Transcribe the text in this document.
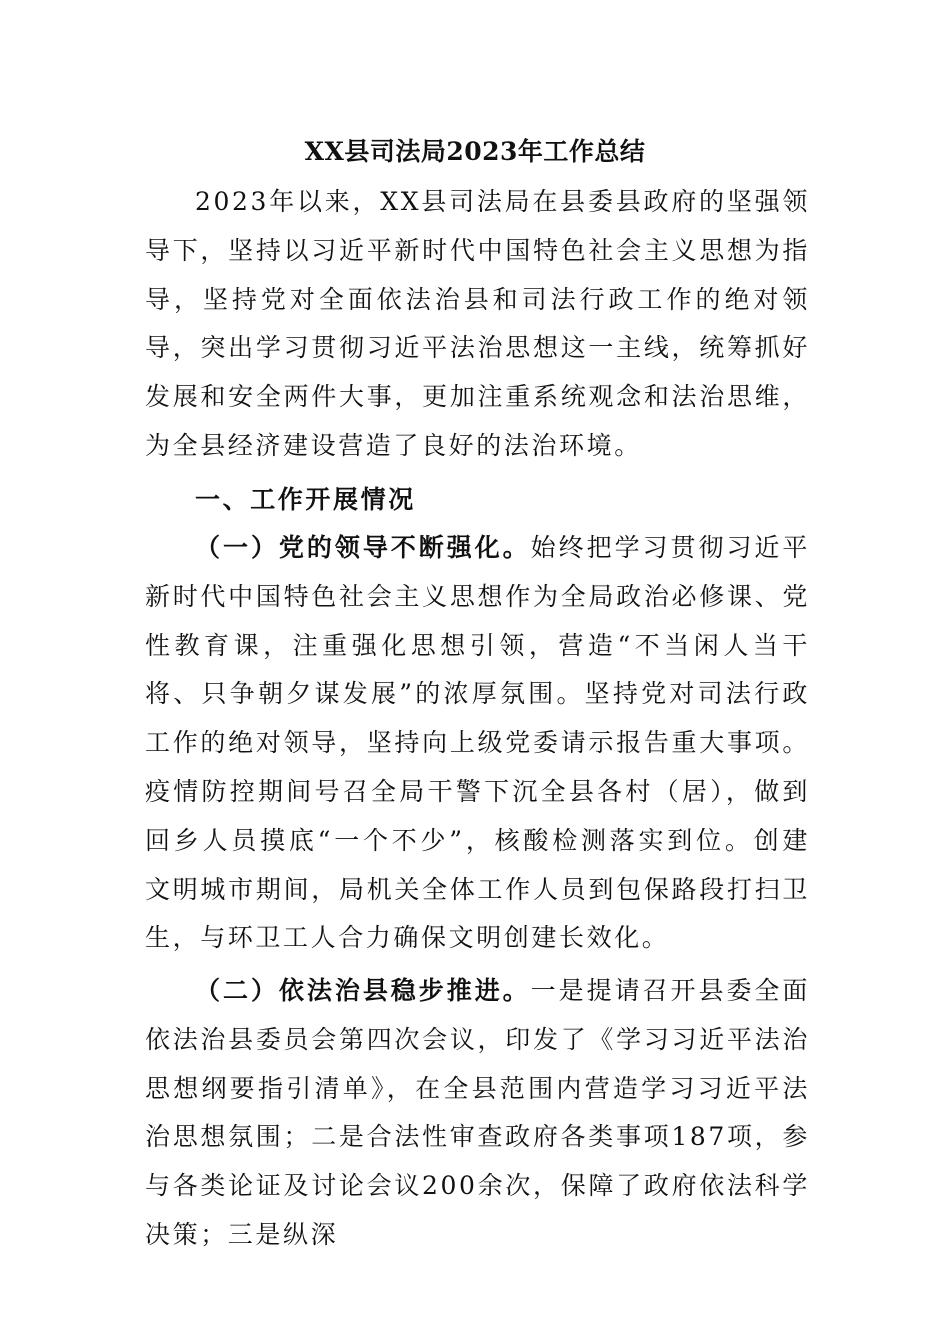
XX县司法局2023年工作总结
2023年以来，XX县司法局在县委县政府的坚强领导下，坚持以习近平新时代中国特色社会主义思想为指导，坚持党对全面依法治县和司法行政工作的绝对领导，突出学习贯彻习近平法治思想这一主线，统筹抓好发展和安全两件大事，更加注重系统观念和法治思维，为全县经济建设营造了良好的法治环境。
一、工作开展情况
（一）党的领导不断强化。始终把学习贯彻习近平新时代中国特色社会主义思想作为全局政治必修课、党性教育课，注重强化思想引领，营造“不当闲人当干将、只争朝夕谋发展”的浓厚氛围。坚持党对司法行政工作的绝对领导，坚持向上级党委请示报告重大事项。疫情防控期间号召全局干警下沉全县各村（居），做到回乡人员摸底“一个不少”，核酸检测落实到位。创建文明城市期间，局机关全体工作人员到包保路段打扫卫生，与环卫工人合力确保文明创建长效化。
（二）依法治县稳步推进。一是提请召开县委全面依法治县委员会第四次会议，印发了《学习习近平法治思想纲要指引清单》，在全县范围内营造学习习近平法治思想氛围；二是合法性审查政府各类事项187项，参与各类论证及讨论会议200余次，保障了政府依法科学决策；三是纵深
